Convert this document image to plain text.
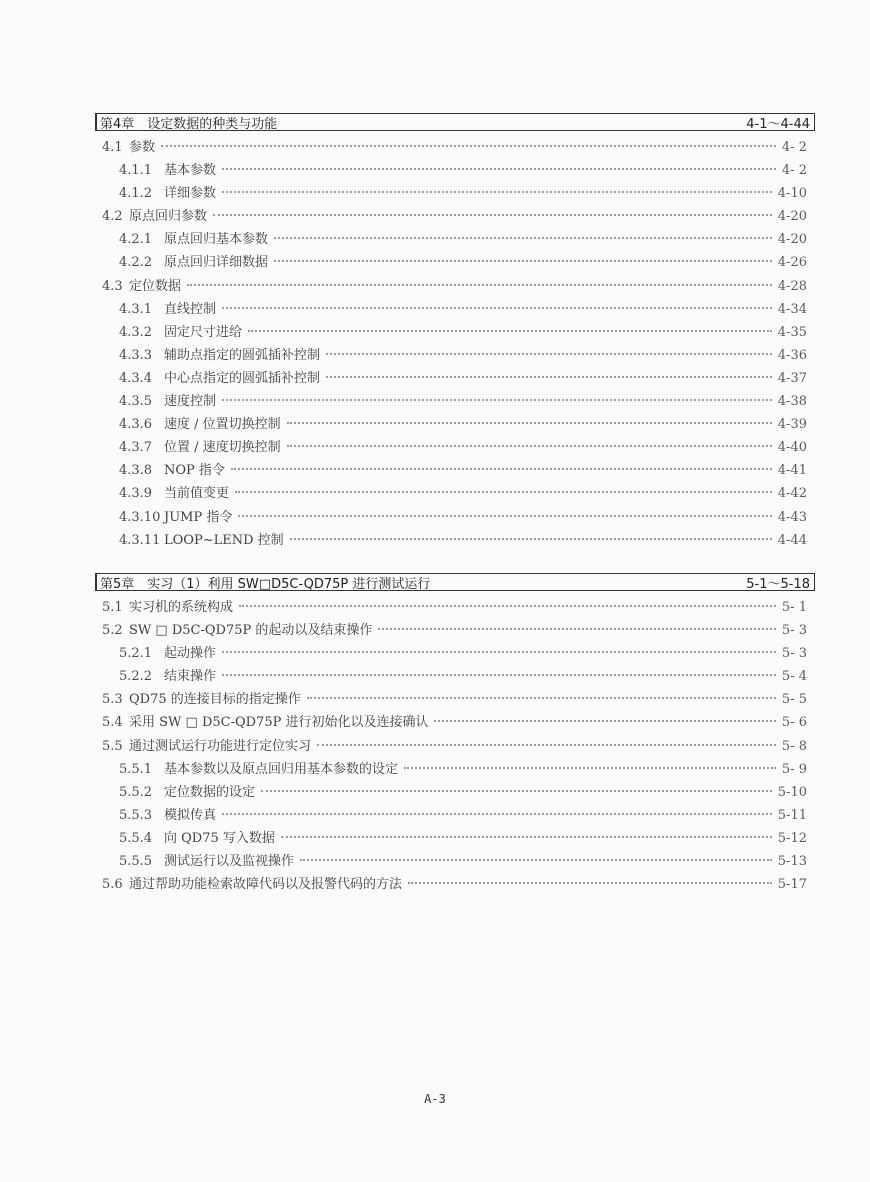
第4章　设定数据的种类与功能	4-1～4-44
4.1 参数	4- 2
4.1.1 基本参数	4- 2
4.1.2 详细参数	4-10
4.2 原点回归参数	4-20
4.2.1 原点回归基本参数	4-20
4.2.2 原点回归详细数据	4-26
4.3 定位数据	4-28
4.3.1 直线控制	4-34
4.3.2 固定尺寸进给	4-35
4.3.3 辅助点指定的圆弧插补控制	4-36
4.3.4 中心点指定的圆弧插补控制	4-37
4.3.5 速度控制	4-38
4.3.6 速度 / 位置切换控制	4-39
4.3.7 位置 / 速度切换控制	4-40
4.3.8 NOP 指令	4-41
4.3.9 当前值变更	4-42
4.3.10 JUMP 指令	4-43
4.3.11 LOOP~LEND 控制	4-44
第5章　实习（1）利用 SW□D5C-QD75P 进行测试运行	5-1～5-18
5.1 实习机的系统构成	5- 1
5.2 SW □ D5C-QD75P 的起动以及结束操作	5- 3
5.2.1 起动操作	5- 3
5.2.2 结束操作	5- 4
5.3 QD75 的连接目标的指定操作	5- 5
5.4 采用 SW □ D5C-QD75P 进行初始化以及连接确认	5- 6
5.5 通过测试运行功能进行定位实习	5- 8
5.5.1 基本参数以及原点回归用基本参数的设定	5- 9
5.5.2 定位数据的设定	5-10
5.5.3 模拟传真	5-11
5.5.4 向 QD75 写入数据	5-12
5.5.5 测试运行以及监视操作	5-13
5.6 通过帮助功能检索故障代码以及报警代码的方法	5-17
A-3
